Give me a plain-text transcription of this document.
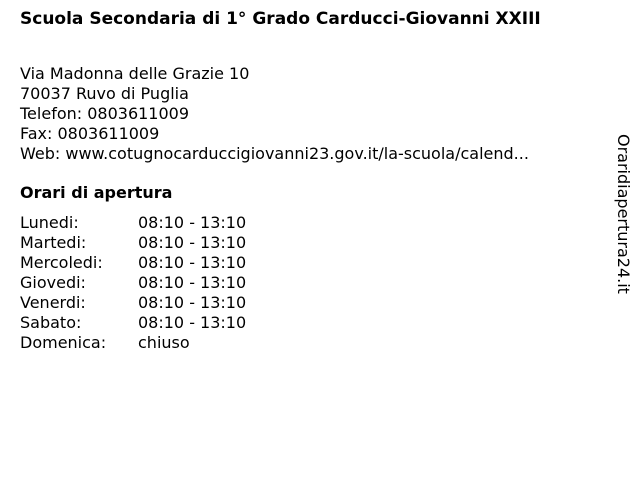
Scuola Secondaria di 1° Grado Carducci-Giovanni XXIII
Via Madonna delle Grazie 10
70037 Ruvo di Puglia
Telefon: 0803611009
Fax: 0803611009
Web: www.cotugnocarduccigiovanni23.gov.it/la-scuola/calend...
Orari di apertura
Lunedi:	08:10 - 13:10
Martedi:	08:10 - 13:10
Mercoledi: 08:10 - 13:10
Giovedi:	08:10 - 13:10
Venerdi:	08:10 - 13:10
Sabato:	08:10 - 13:10
Domenica: chiuso
Oraridiapertura24.it
